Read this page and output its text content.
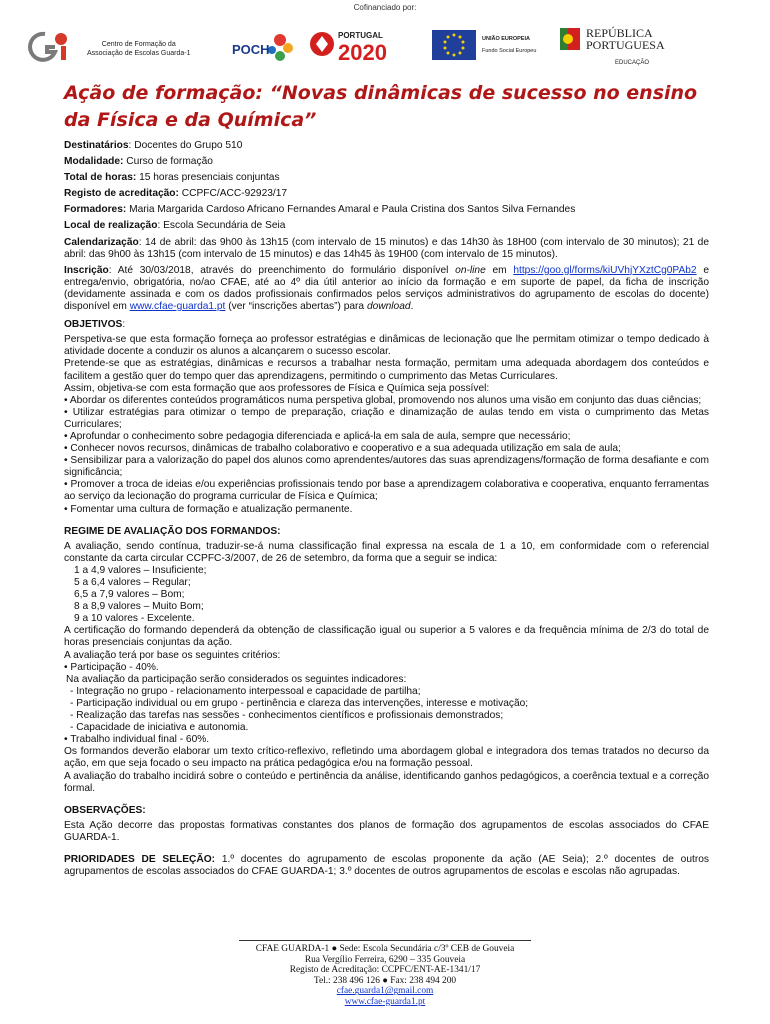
Cofinanciado por:
Centro de Formação da
Associação de Escolas Guarda-1	POCH
PORTUGAL
2020
UNIÃO EUROPEIA
Fundo Social Europeu
REPÚBLICA
PORTUGUESA
EDUCAÇÃO
Ação de formação: “Novas dinâmicas de sucesso no ensino da Física e da Química”

Destinatários: Docentes do Grupo 510

Modalidade: Curso de formação

Total de horas: 15 horas presenciais conjuntas

Registo de acreditação: CCPFC/ACC-92923/17

Formadores: Maria Margarida Cardoso Africano Fernandes Amaral e Paula Cristina dos Santos Silva Fernandes

Local de realização: Escola Secundária de Seia

Calendarização: 14 de abril: das 9h00 às 13h15 (com intervalo de 15 minutos) e das 14h30 às 18H00 (com intervalo de 30 minutos); 21 de abril: das 9h00 às 13h15 (com intervalo de 15 minutos) e das 14h45 às 19H00 (com intervalo de 15 minutos).

Inscrição: Até 30/03/2018, através do preenchimento do formulário disponível on-line em https://goo.gl/forms/kiUVhjYXztCg0PAb2 e entrega/envio, obrigatória, no/ao CFAE, até ao 4º dia útil anterior ao início da formação e em suporte de papel, da ficha de inscrição (devidamente assinada e com os dados profissionais confirmados pelos serviços administrativos do agrupamento de escolas do docente) disponível em www.cfae-guarda1.pt (ver “inscrições abertas”) para download.

OBJETIVOS:
Perspetiva-se que esta formação forneça ao professor estratégias e dinâmicas de lecionação que lhe permitam otimizar o tempo dedicado à atividade docente a conduzir os alunos a alcançarem o sucesso escolar.
Pretende-se que as estratégias, dinâmicas e recursos a trabalhar nesta formação, permitam uma adequada abordagem dos conteúdos e facilitem a gestão quer do tempo quer das aprendizagens, permitindo o cumprimento das Metas Curriculares.
Assim, objetiva-se com esta formação que aos professores de Física e Química seja possível:
• Abordar os diferentes conteúdos programáticos numa perspetiva global, promovendo nos alunos uma visão em conjunto das duas ciências;
• Utilizar estratégias para otimizar o tempo de preparação, criação e dinamização de aulas tendo em vista o cumprimento das Metas Curriculares;
• Aprofundar o conhecimento sobre pedagogia diferenciada e aplicá-la em sala de aula, sempre que necessário;
• Conhecer novos recursos, dinâmicas de trabalho colaborativo e cooperativo e a sua adequada utilização em sala de aula;
• Sensibilizar para a valorização do papel dos alunos como aprendentes/autores das suas aprendizagens/formação de forma desafiante e com significância;
• Promover a troca de ideias e/ou experiências profissionais tendo por base a aprendizagem colaborativa e cooperativa, enquanto ferramentas ao serviço da lecionação do programa curricular de Física e Química;
• Fomentar uma cultura de formação e atualização permanente.
REGIME DE AVALIAÇÃO DOS FORMANDOS:
A avaliação, sendo contínua, traduzir-se-á numa classificação final expressa na escala de 1 a 10, em conformidade com o referencial constante da carta circular CCPFC-3/2007, de 26 de setembro, da forma que a seguir se indica:
1 a 4,9 valores – Insuficiente;
5 a 6,4 valores – Regular;
6,5 a 7,9 valores – Bom;
8 a 8,9 valores – Muito Bom;
9 a 10 valores - Excelente.
A certificação do formando dependerá da obtenção de classificação igual ou superior a 5 valores e da frequência mínima de 2/3 do total de horas presenciais conjuntas da ação.
A avaliação terá por base os seguintes critérios:
• Participação - 40%.
Na avaliação da participação serão considerados os seguintes indicadores:
- Integração no grupo - relacionamento interpessoal e capacidade de partilha;
- Participação individual ou em grupo - pertinência e clareza das intervenções, interesse e motivação;
- Realização das tarefas nas sessões - conhecimentos científicos e profissionais demonstrados;
- Capacidade de iniciativa e autonomia.
• Trabalho individual final - 60%.
Os formandos deverão elaborar um texto crítico-reflexivo, refletindo uma abordagem global e integradora dos temas tratados no decurso da ação, em que seja focado o seu impacto na prática pedagógica e/ou na formação pessoal.
A avaliação do trabalho incidirá sobre o conteúdo e pertinência da análise, identificando ganhos pedagógicos, a coerência textual e a correção formal.
OBSERVAÇÕES:
Esta Ação decorre das propostas formativas constantes dos planos de formação dos agrupamentos de escolas associados do CFAE GUARDA-1.

PRIORIDADES DE SELEÇÃO: 1.º docentes do agrupamento de escolas proponente da ação (AE Seia); 2.º docentes de outros agrupamentos de escolas associados do CFAE GUARDA-1; 3.º docentes de outros agrupamentos de escolas e escolas não agrupadas.

CFAE GUARDA-1 ● Sede: Escola Secundária c/3º CEB de Gouveia
Rua Vergílio Ferreira, 6290 – 335 Gouveia
Registo de Acreditação: CCPFC/ENT-AE-1341/17
Tel.: 238 496 126 ● Fax: 238 494 200
cfae.guarda1@gmail.com
www.cfae-guarda1.pt
